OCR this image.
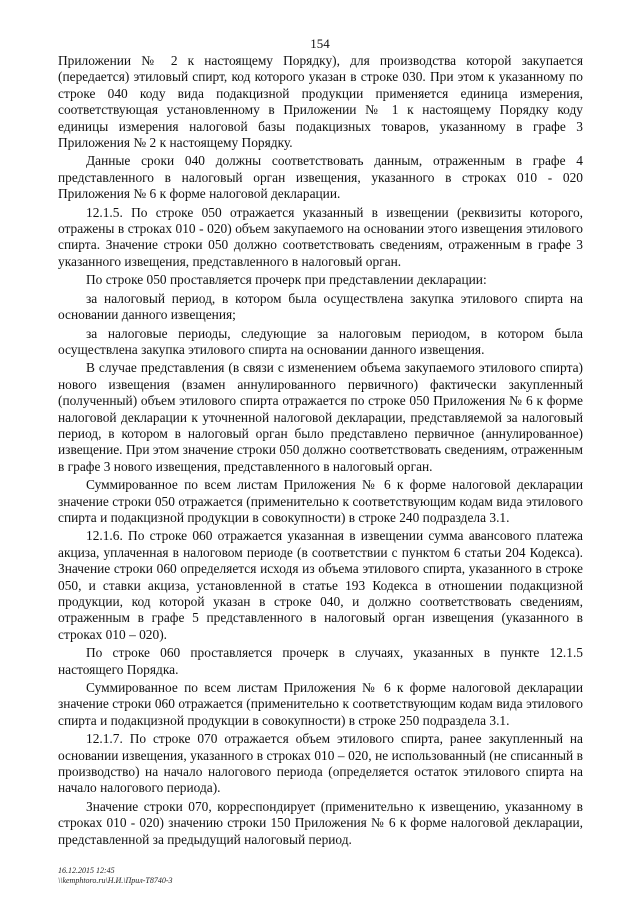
154

Приложении № 2 к настоящему Порядку), для производства которой закупается (передается) этиловый спирт, код которого указан в строке 030. При этом к указанному по строке 040 коду вида подакцизной продукции применяется единица измерения, соответствующая установленному в Приложении № 1 к настоящему Порядку коду единицы измерения налоговой базы подакцизных товаров, указанному в графе 3 Приложения № 2 к настоящему Порядку.

Данные сроки 040 должны соответствовать данным, отраженным в графе 4 представленного в налоговый орган извещения, указанного в строках 010 - 020 Приложения № 6 к форме налоговой декларации.

12.1.5. По строке 050 отражается указанный в извещении (реквизиты которого, отражены в строках 010 - 020) объем закупаемого на основании этого извещения этилового спирта. Значение строки 050 должно соответствовать сведениям, отраженным в графе 3 указанного извещения, представленного в налоговый орган.

По строке 050 проставляется прочерк при представлении декларации:

за налоговый период, в котором была осуществлена закупка этилового спирта на основании данного извещения;

за налоговые периоды, следующие за налоговым периодом, в котором была осуществлена закупка этилового спирта на основании данного извещения.

В случае представления (в связи с изменением объема закупаемого этилового спирта) нового извещения (взамен аннулированного первичного) фактически закупленный (полученный) объем этилового спирта отражается по строке 050 Приложения № 6 к форме налоговой декларации к уточненной налоговой декларации, представляемой за налоговый период, в котором в налоговый орган было представлено первичное (аннулированное) извещение. При этом значение строки 050 должно соответствовать сведениям, отраженным в графе 3 нового извещения, представленного в налоговый орган.

Суммированное по всем листам Приложения № 6 к форме налоговой декларации значение строки 050 отражается (применительно к соответствующим кодам вида этилового спирта и подакцизной продукции в совокупности) в строке 240 подраздела 3.1.

12.1.6. По строке 060 отражается указанная в извещении сумма авансового платежа акциза, уплаченная в налоговом периоде (в соответствии с пунктом 6 статьи 204 Кодекса). Значение строки 060 определяется исходя из объема этилового спирта, указанного в строке 050, и ставки акциза, установленной в статье 193 Кодекса в отношении подакцизной продукции, код которой указан в строке 040, и должно соответствовать сведениям, отраженным в графе 5 представленного в налоговый орган извещения (указанного в строках 010 – 020).

По строке 060 проставляется прочерк в случаях, указанных в пункте 12.1.5 настоящего Порядка.

Суммированное по всем листам Приложения № 6 к форме налоговой декларации значение строки 060 отражается (применительно к соответствующим кодам вида этилового спирта и подакцизной продукции в совокупности) в строке 250 подраздела 3.1.

12.1.7. По строке 070 отражается объем этилового спирта, ранее закупленный на основании извещения, указанного в строках 010 – 020, не использованный (не списанный в производство) на начало налогового периода (определяется остаток этилового спирта на начало налогового периода).

Значение строки 070, корреспондирует (применительно к извещению, указанному в строках 010 - 020) значению строки 150 Приложения № 6 к форме налоговой декларации, представленной за предыдущий налоговый период.

16.12.2015 12:45
\\kemphtoro.ru\Н.И.\Прил-Т8740-3
